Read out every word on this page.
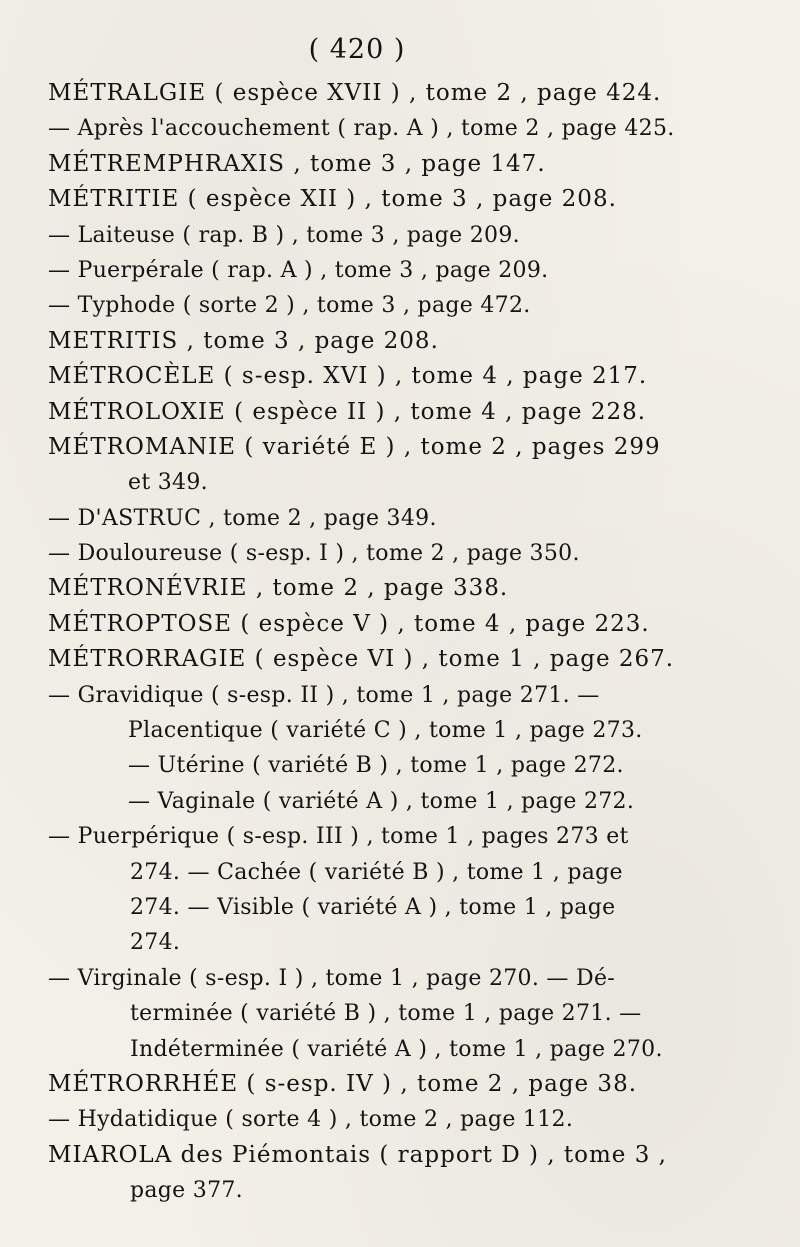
( 420 )
MÉTRALGIE ( espèce XVII ) , tome 2 , page 424.
— Après l'accouchement ( rap. A ) , tome 2 , page 425.
MÉTREMPHRAXIS , tome 3 , page 147.
MÉTRITIE ( espèce XII ) , tome 3 , page 208.
— Laiteuse ( rap. B ) , tome 3 , page 209.
— Puerpérale ( rap. A ) , tome 3 , page 209.
— Typhode ( sorte 2 ) , tome 3 , page 472.
METRITIS , tome 3 , page 208.
MÉTROCÈLE ( s-esp. XVI ) , tome 4 , page 217.
MÉTROLOXIE ( espèce II ) , tome 4 , page 228.
MÉTROMANIE ( variété E ) , tome 2 , pages 299
et 349.
— D'ASTRUC , tome 2 , page 349.
— Douloureuse ( s-esp. I ) , tome 2 , page 350.
MÉTRONÉVRIE , tome 2 , page 338.
MÉTROPTOSE ( espèce V ) , tome 4 , page 223.
MÉTRORRAGIE ( espèce VI ) , tome 1 , page 267.
— Gravidique ( s-esp. II ) , tome 1 , page 271. —
Placentique ( variété C ) , tome 1 , page 273.
— Utérine ( variété B ) , tome 1 , page 272.
— Vaginale ( variété A ) , tome 1 , page 272.
— Puerpérique ( s-esp. III ) , tome 1 , pages 273 et
274. — Cachée ( variété B ) , tome 1 , page
274. — Visible ( variété A ) , tome 1 , page
274.
— Virginale ( s-esp. I ) , tome 1 , page 270. — Dé-
terminée ( variété B ) , tome 1 , page 271. —
Indéterminée ( variété A ) , tome 1 , page 270.
MÉTRORRHÉE ( s-esp. IV ) , tome 2 , page 38.
— Hydatidique ( sorte 4 ) , tome 2 , page 112.
MIAROLA des Piémontais ( rapport D ) , tome 3 ,
page 377.
